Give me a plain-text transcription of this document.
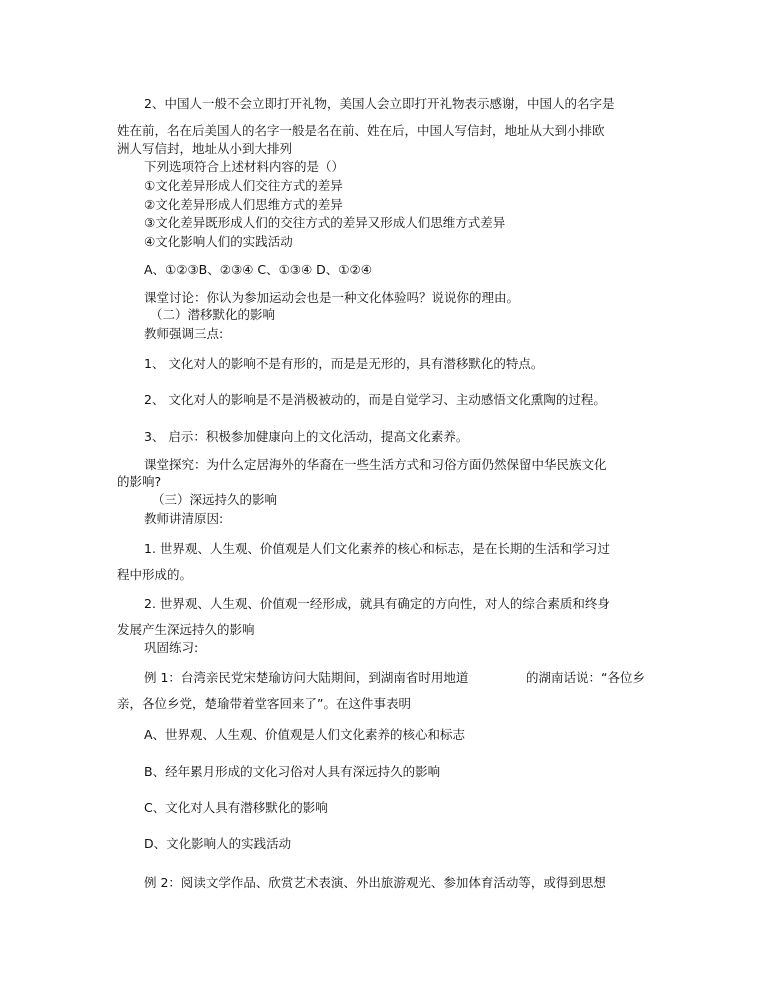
2、中国人一般不会立即打开礼物，美国人会立即打开礼物表示感谢，中国人的名字是

姓在前，名在后美国人的名字一般是名在前、姓在后，中国人写信封，地址从大到小排欧

洲人写信封，地址从小到大排列

下列选项符合上述材料内容的是（）

①文化差异形成人们交往方式的差异

②文化差异形成人们思维方式的差异

③文化差异既形成人们的交往方式的差异又形成人们思维方式差异

④文化影响人们的实践活动

A、①②③B、②③④ C、①③④ D、①②④

课堂讨论：你认为参加运动会也是一种文化体验吗？说说你的理由。

（二）潜移默化的影响

教师强调三点:

1、 文化对人的影响不是有形的，而是是无形的，具有潜移默化的特点。

2、 文化对人的影响是不是消极被动的，而是自觉学习、主动感悟文化熏陶的过程。

3、 启示：积极参加健康向上的文化活动，提高文化素养。

课堂探究：为什么定居海外的华裔在一些生活方式和习俗方面仍然保留中华民族文化

的影响?

（三）深远持久的影响

教师讲清原因:

1. 世界观、人生观、价值观是人们文化素养的核心和标志，是在长期的生活和学习过

程中形成的。

2. 世界观、人生观、价值观一经形成，就具有确定的方向性，对人的综合素质和终身

发展产生深远持久的影响

巩固练习:

例 1：台湾亲民党宋楚瑜访问大陆期间，到湖南省时用地道	的湖南话说：“各位乡

亲，各位乡党，楚瑜带着堂客回来了”。在这件事表明

A、世界观、人生观、价值观是人们文化素养的核心和标志

B、经年累月形成的文化习俗对人具有深远持久的影响

C、文化对人具有潜移默化的影响

D、文化影响人的实践活动

例 2：阅读文学作品、欣赏艺术表演、外出旅游观光、参加体育活动等，或得到思想
